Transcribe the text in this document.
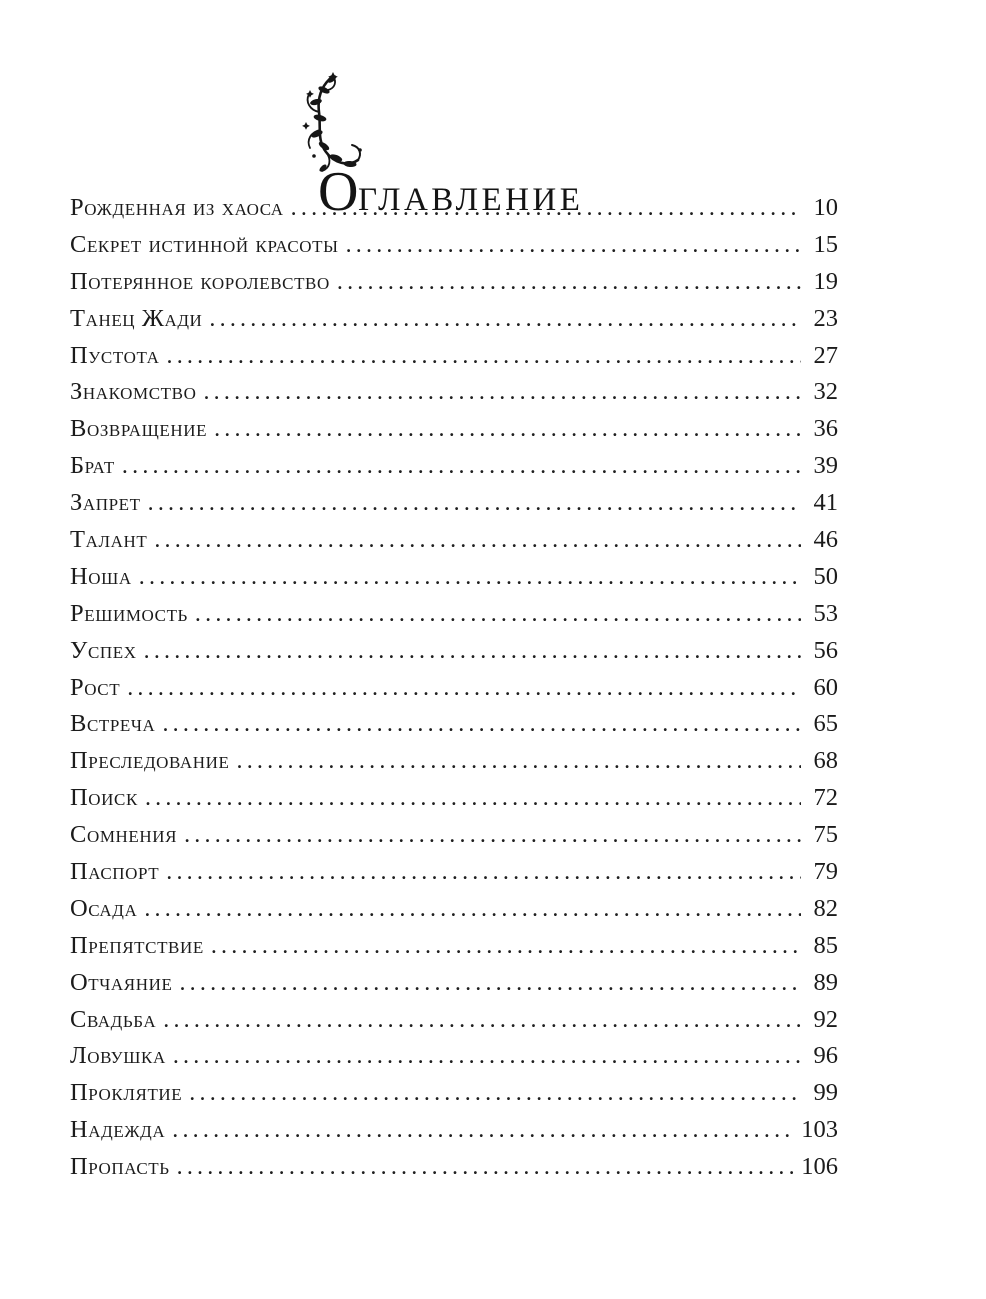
О ГЛАВЛЕНИЕ
Рожденная из хаоса .....	10
Секрет истинной красоты .....	15
Потерянное королевство .....	19
Танец Жади .....	23
Пустота .....	27
Знакомство .....	32
Возвращение .....	36
Брат .....	39
Запрет .....	41
Талант .....	46
Ноша .....	50
Решимость .....	53
Успех .....	56
Рост .....	60
Встреча .....	65
Преследование .....	68
Поиск .....	72
Сомнения .....	75
Паспорт .....	79
Осада .....	82
Препятствие .....	85
Отчаяние .....	89
Свадьба .....	92
Ловушка .....	96
Проклятие .....	99
Надежда .....	103
Пропасть .....	106
